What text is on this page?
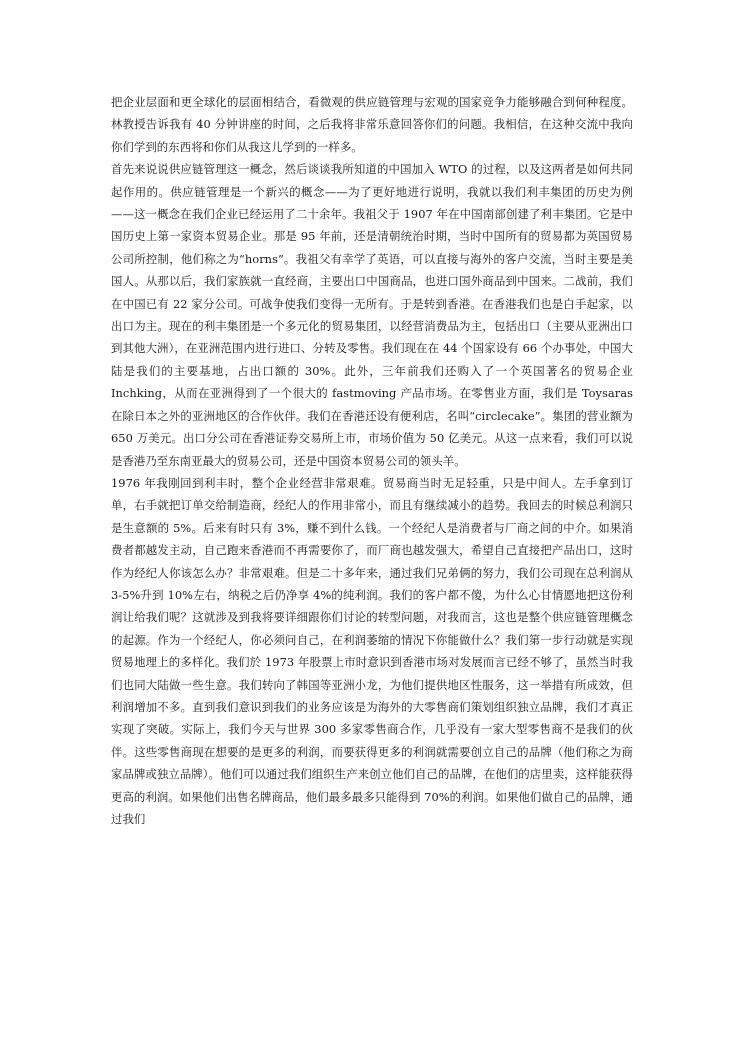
把企业层面和更全球化的层面相结合，看微观的供应链管理与宏观的国家竞争力能够融合到何种程度。林教授告诉我有 40 分钟讲座的时间，之后我将非常乐意回答你们的问题。我相信，在这种交流中我向你们学到的东西将和你们从我这儿学到的一样多。

首先来说说供应链管理这一概念，然后谈谈我所知道的中国加入 WTO 的过程，以及这两者是如何共同起作用的。供应链管理是一个新兴的概念——为了更好地进行说明，我就以我们利丰集团的历史为例——这一概念在我们企业已经运用了二十余年。我祖父于 1907 年在中国南部创建了利丰集团。它是中国历史上第一家资本贸易企业。那是 95 年前，还是清朝统治时期，当时中国所有的贸易都为英国贸易公司所控制，他们称之为“horns”。我祖父有幸学了英语，可以直接与海外的客户交流，当时主要是美国人。从那以后，我们家族就一直经商，主要出口中国商品，也进口国外商品到中国来。二战前，我们在中国已有 22 家分公司。可战争使我们变得一无所有。于是转到香港。在香港我们也是白手起家，以出口为主。现在的利丰集团是一个多元化的贸易集团，以经营消费品为主，包括出口（主要从亚洲出口到其他大洲），在亚洲范围内进行进口、分转及零售。我们现在在 44 个国家设有 66 个办事处，中国大陆是我们的主要基地，占出口额的 30%。此外，三年前我们还购入了一个英国著名的贸易企业 Inchking，从而在亚洲得到了一个很大的 fastmoving 产品市场。在零售业方面，我们是 Toysaras 在除日本之外的亚洲地区的合作伙伴。我们在香港还设有便利店，名叫“circlecake”。集团的营业额为 650 万美元。出口分公司在香港证券交易所上市，市场价值为 50 亿美元。从这一点来看，我们可以说是香港乃至东南亚最大的贸易公司，还是中国资本贸易公司的领头羊。

1976 年我刚回到利丰时，整个企业经营非常艰难。贸易商当时无足轻重，只是中间人。左手拿到订单，右手就把订单交给制造商，经纪人的作用非常小，而且有继续减小的趋势。我回去的时候总利润只是生意额的 5%。后来有时只有 3%，赚不到什么钱。一个经纪人是消费者与厂商之间的中介。如果消费者都越发主动，自己跑来香港而不再需要你了，而厂商也越发强大，希望自己直接把产品出口，这时作为经纪人你该怎么办？非常艰难。但是二十多年来，通过我们兄弟俩的努力，我们公司现在总利润从 3-5%升到 10%左右，纳税之后仍净享 4%的纯利润。我们的客户都不傻，为什么心甘情愿地把这份利润让给我们呢？这就涉及到我将要详细跟你们讨论的转型问题，对我而言，这也是整个供应链管理概念的起源。作为一个经纪人，你必须问自己，在利润萎缩的情况下你能做什么？我们第一步行动就是实现贸易地理上的多样化。我们於 1973 年股票上市时意识到香港市场对发展而言已经不够了，虽然当时我们也同大陆做一些生意。我们转向了韩国等亚洲小龙，为他们提供地区性服务，这一举措有所成效，但利润增加不多。直到我们意识到我们的业务应该是为海外的大零售商们策划组织独立品牌，我们才真正实现了突破。实际上，我们今天与世界 300 多家零售商合作，几乎没有一家大型零售商不是我们的伙伴。这些零售商现在想要的是更多的利润，而要获得更多的利润就需要创立自己的品牌（他们称之为商家品牌或独立品牌）。他们可以通过我们组织生产来创立他们自己的品牌，在他们的店里卖，这样能获得更高的利润。如果他们出售名牌商品，他们最多最多只能得到 70%的利润。如果他们做自己的品牌，通过我们
